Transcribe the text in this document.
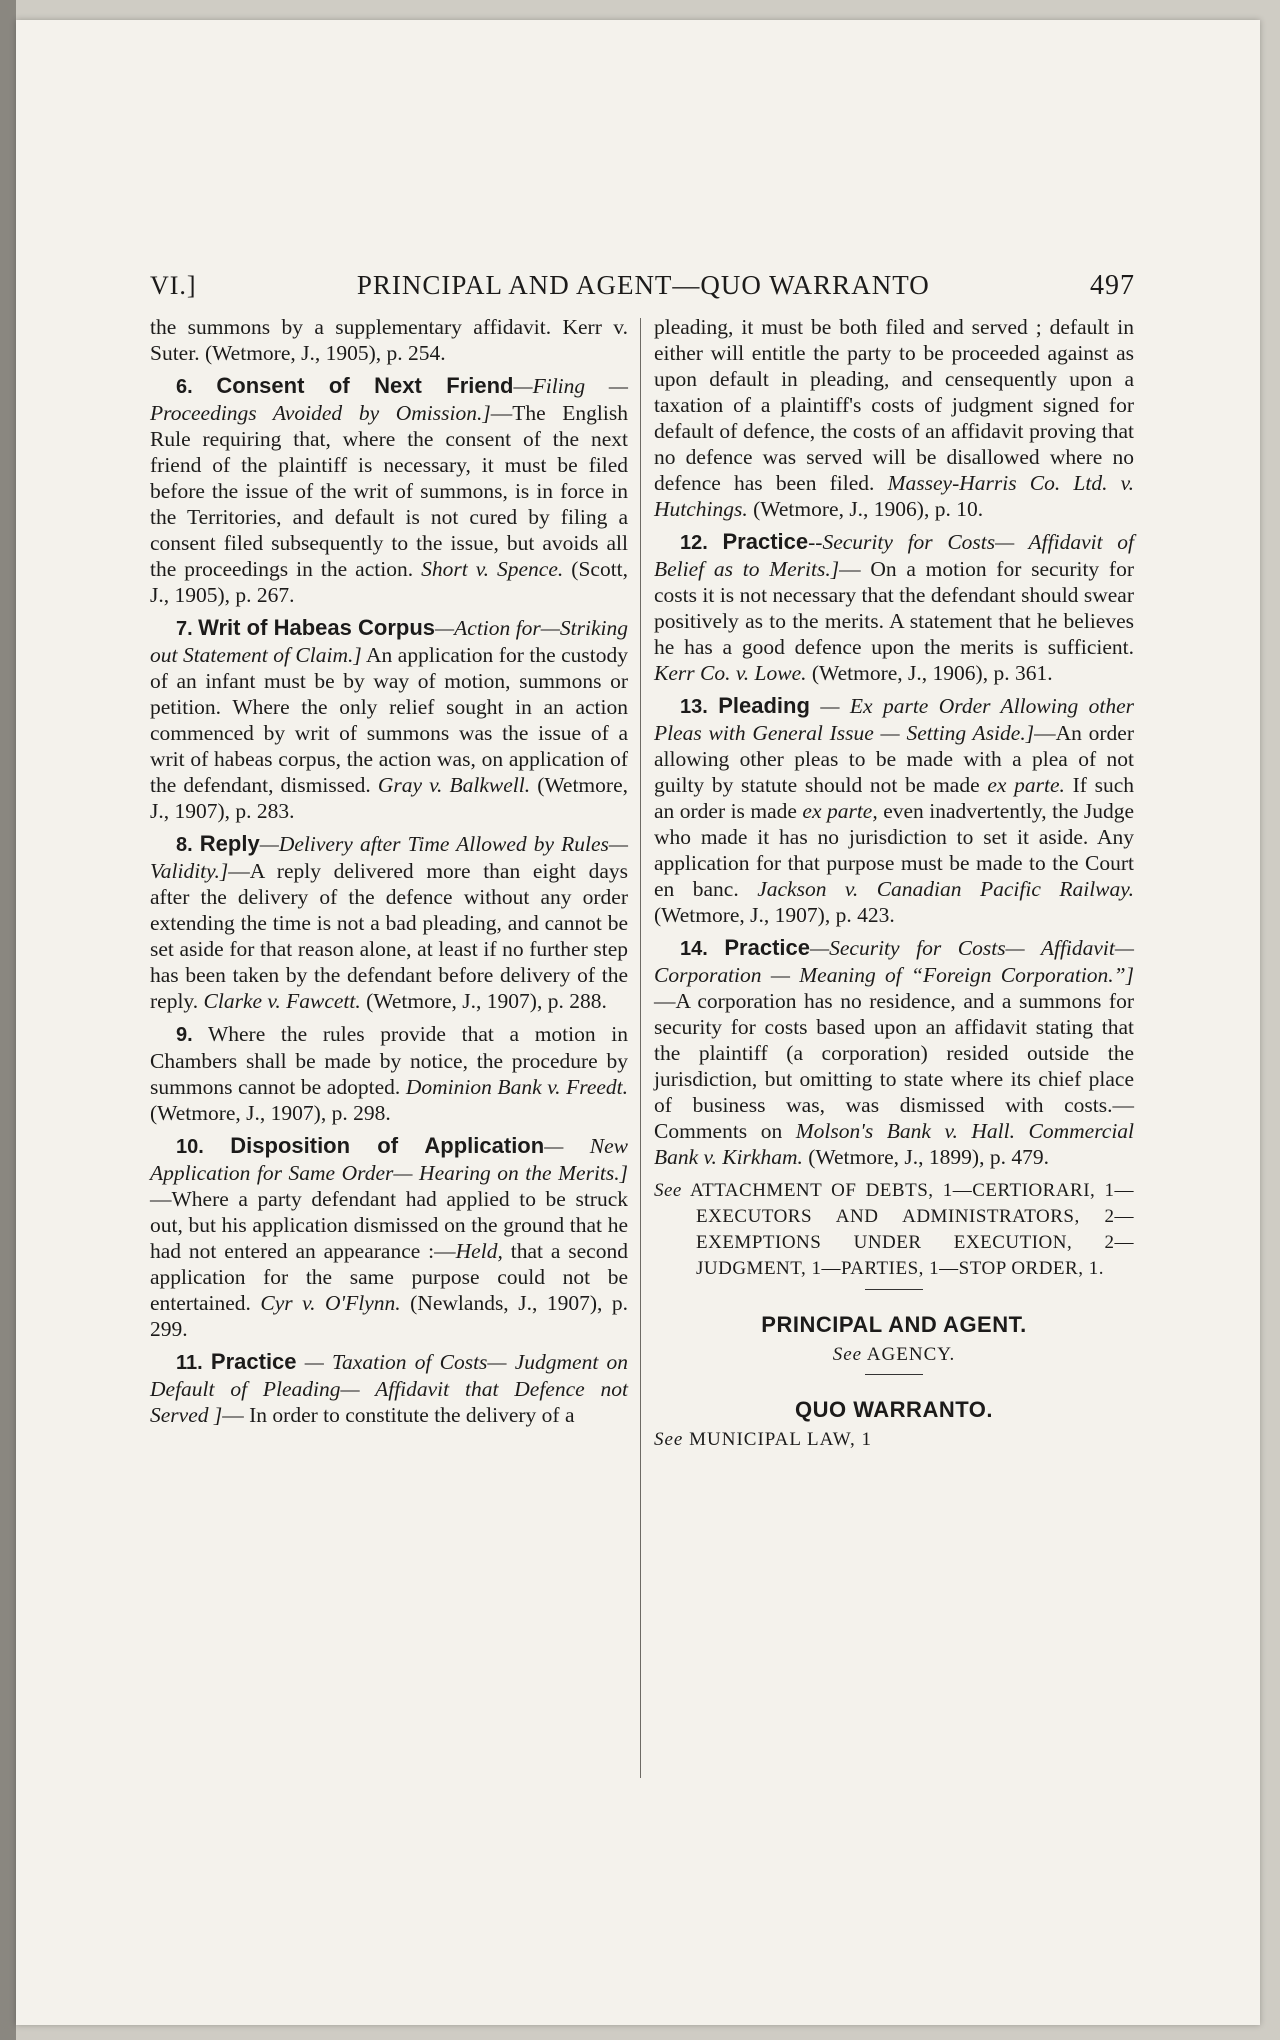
VI.]	PRINCIPAL AND AGENT—QUO WARRANTO	497

the summons by a supplementary affidavit. Kerr v. Suter. (Wetmore, J., 1905), p. 254.

6. Consent of Next Friend—Filing —Proceedings Avoided by Omission.]—The English Rule requiring that, where the consent of the next friend of the plaintiff is necessary, it must be filed before the issue of the writ of summons, is in force in the Territories, and default is not cured by filing a consent filed subsequently to the issue, but avoids all the proceedings in the action. Short v. Spence. (Scott, J., 1905), p. 267.

7. Writ of Habeas Corpus—Action for—Striking out Statement of Claim.] An application for the custody of an infant must be by way of motion, summons or petition. Where the only relief sought in an action commenced by writ of summons was the issue of a writ of habeas corpus, the action was, on application of the defendant, dismissed. Gray v. Balkwell. (Wetmore, J., 1907), p. 283.

8. Reply—Delivery after Time Allowed by Rules—Validity.]—A reply delivered more than eight days after the delivery of the defence without any order extending the time is not a bad pleading, and cannot be set aside for that reason alone, at least if no further step has been taken by the defendant before delivery of the reply. Clarke v. Fawcett. (Wetmore, J., 1907), p. 288.

9. Where the rules provide that a motion in Chambers shall be made by notice, the procedure by summons cannot be adopted. Dominion Bank v. Freedt. (Wetmore, J., 1907), p. 298.

10. Disposition of Application— New Application for Same Order— Hearing on the Merits.]—Where a party defendant had applied to be struck out, but his application dismissed on the ground that he had not entered an appearance :—Held, that a second application for the same purpose could not be entertained. Cyr v. O'Flynn. (Newlands, J., 1907), p. 299.

11. Practice — Taxation of Costs— Judgment on Default of Pleading— Affidavit that Defence not Served ]— In order to constitute the delivery of a

pleading, it must be both filed and served ; default in either will entitle the party to be proceeded against as upon default in pleading, and censequently upon a taxation of a plaintiff's costs of judgment signed for default of defence, the costs of an affidavit proving that no defence was served will be disallowed where no defence has been filed. Massey-Harris Co. Ltd. v. Hutchings. (Wetmore, J., 1906), p. 10.

12. Practice--Security for Costs— Affidavit of Belief as to Merits.]— On a motion for security for costs it is not necessary that the defendant should swear positively as to the merits. A statement that he believes he has a good defence upon the merits is sufficient. Kerr Co. v. Lowe. (Wetmore, J., 1906), p. 361.

13. Pleading — Ex parte Order Allowing other Pleas with General Issue — Setting Aside.]—An order allowing other pleas to be made with a plea of not guilty by statute should not be made ex parte. If such an order is made ex parte, even inadvertently, the Judge who made it has no jurisdiction to set it aside. Any application for that purpose must be made to the Court en banc. Jackson v. Canadian Pacific Railway. (Wetmore, J., 1907), p. 423.

14. Practice—Security for Costs— Affidavit—Corporation — Meaning of “Foreign Corporation.”]—A corporation has no residence, and a summons for security for costs based upon an affidavit stating that the plaintiff (a corporation) resided outside the jurisdiction, but omitting to state where its chief place of business was, was dismissed with costs.—Comments on Molson's Bank v. Hall. Commercial Bank v. Kirkham. (Wetmore, J., 1899), p. 479.

See ATTACHMENT OF DEBTS, 1—CERTIORARI, 1—EXECUTORS AND ADMINISTRATORS, 2—EXEMPTIONS UNDER EXECUTION, 2—JUDGMENT, 1—PARTIES, 1—STOP ORDER, 1.

PRINCIPAL AND AGENT.
See AGENCY.
QUO WARRANTO.
See MUNICIPAL LAW, 1
